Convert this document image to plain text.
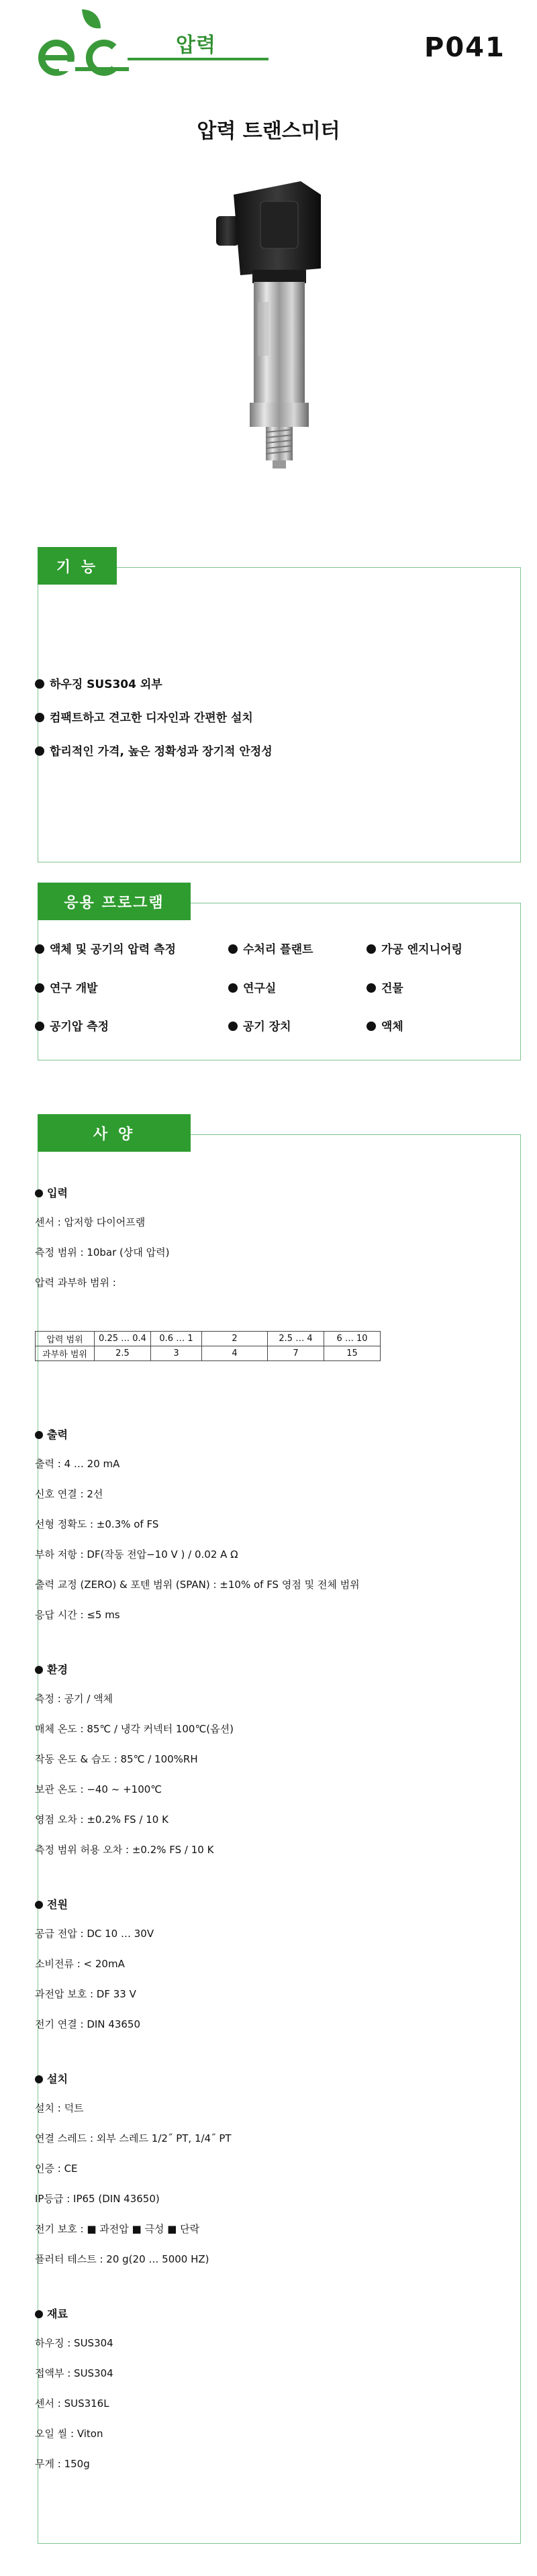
압력	P041
압력 트랜스미터
기 능
하우징 SUS304 외부
컴팩트하고 견고한 디자인과 간편한 설치
합리적인 가격, 높은 정확성과 장기적 안정성
응용 프로그램
액체 및 공기의 압력 측정	수처리 플랜트	가공 엔지니어링
연구 개발	연구실	건물
공기압 측정	공기 장치	액체
사 양
입력
센서 : 압저항 다이어프램
측정 범위 : 10bar (상대 압력)
압력 과부하 범위 :
압력 범위	0.25 … 0.4	0.6 … 1	2	2.5 … 4	6 … 10
과부하 범위	2.5	3	4	7	15
출력
출력 : 4 … 20 mA
신호 연결 : 2선
선형 정확도 : ±0.3% of FS
부하 저항 : DF(작동 전압−10 V ) / 0.02 A Ω
출력 교정 (ZERO) & 포텐 범위 (SPAN) : ±10% of FS 영점 및 전체 범위
응답 시간 : ≤5 ms
환경
측정 : 공기 / 액체
매체 온도 : 85℃ / 냉각 커넥터 100℃(옵션)
작동 온도 & 습도 : 85℃ / 100%RH
보관 온도 : −40 ~ +100℃
영점 오차 : ±0.2% FS / 10 K
측정 범위 허용 오차 : ±0.2% FS / 10 K
전원
공급 전압 : DC 10 … 30V
소비전류 : < 20mA
과전압 보호 : DF 33 V
전기 연결 : DIN 43650
설치
설치 : 덕트
연결 스레드 : 외부 스레드 1/2˝ PT, 1/4˝ PT
인증 : CE
IP등급 : IP65 (DIN 43650)
전기 보호 : ■ 과전압 ■ 극성 ■ 단락
플러터 테스트 : 20 g(20 … 5000 HZ)
재료
하우징 : SUS304
접액부 : SUS304
센서 : SUS316L
오일 씰 : Viton
무게 : 150g
